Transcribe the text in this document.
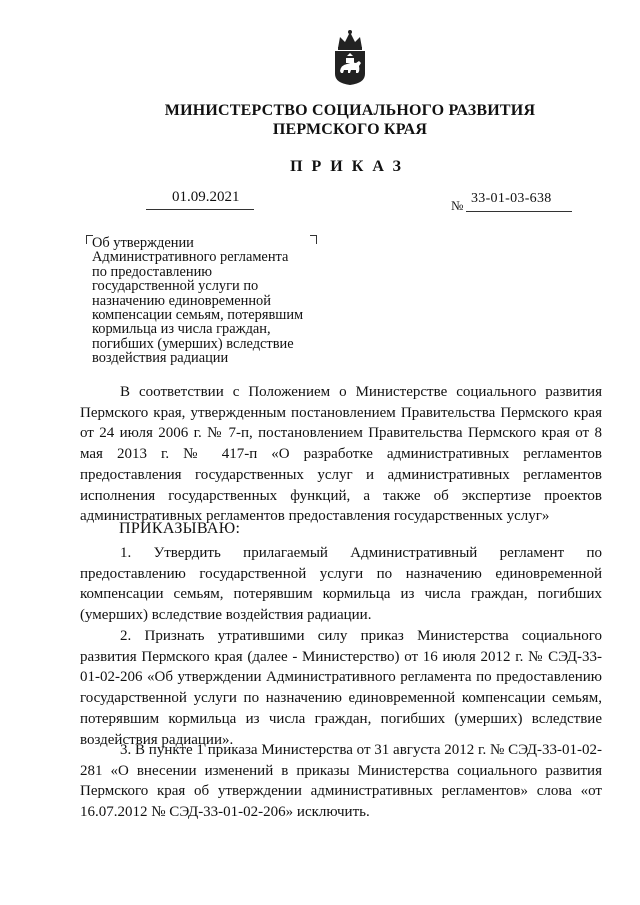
МИНИСТЕРСТВО СОЦИАЛЬНОГО РАЗВИТИЯ
ПЕРМСКОГО КРАЯ
ПРИКАЗ
01.09.2021
№ 33-01-03-638
Об утверждении
Административного регламента
по предоставлению
государственной услуги по
назначению единовременной
компенсации семьям, потерявшим
кормильца из числа граждан,
погибших (умерших) вследствие
воздействия радиации

В соответствии с Положением о Министерстве социального развития Пермского края, утвержденным постановлением Правительства Пермского края от 24 июля 2006 г. № 7-п, постановлением Правительства Пермского края от 8 мая 2013 г. № 417-п «О разработке административных регламентов предоставления государственных услуг и административных регламентов исполнения государственных функций, а также об экспертизе проектов административных регламентов предоставления государственных услуг»

ПРИКАЗЫВАЮ:

1. Утвердить прилагаемый Административный регламент по предоставлению государственной услуги по назначению единовременной компенсации семьям, потерявшим кормильца из числа граждан, погибших (умерших) вследствие воздействия радиации.

2. Признать утратившими силу приказ Министерства социального развития Пермского края (далее - Министерство) от 16 июля 2012 г. № СЭД-33-01-02-206 «Об утверждении Административного регламента по предоставлению государственной услуги по назначению единовременной компенсации семьям, потерявшим кормильца из числа граждан, погибших (умерших) вследствие воздействия радиации».

3. В пункте 1 приказа Министерства от 31 августа 2012 г. № СЭД-33-01-02-281 «О внесении изменений в приказы Министерства социального развития Пермского края об утверждении административных регламентов» слова «от 16.07.2012 № СЭД-33-01-02-206» исключить.
